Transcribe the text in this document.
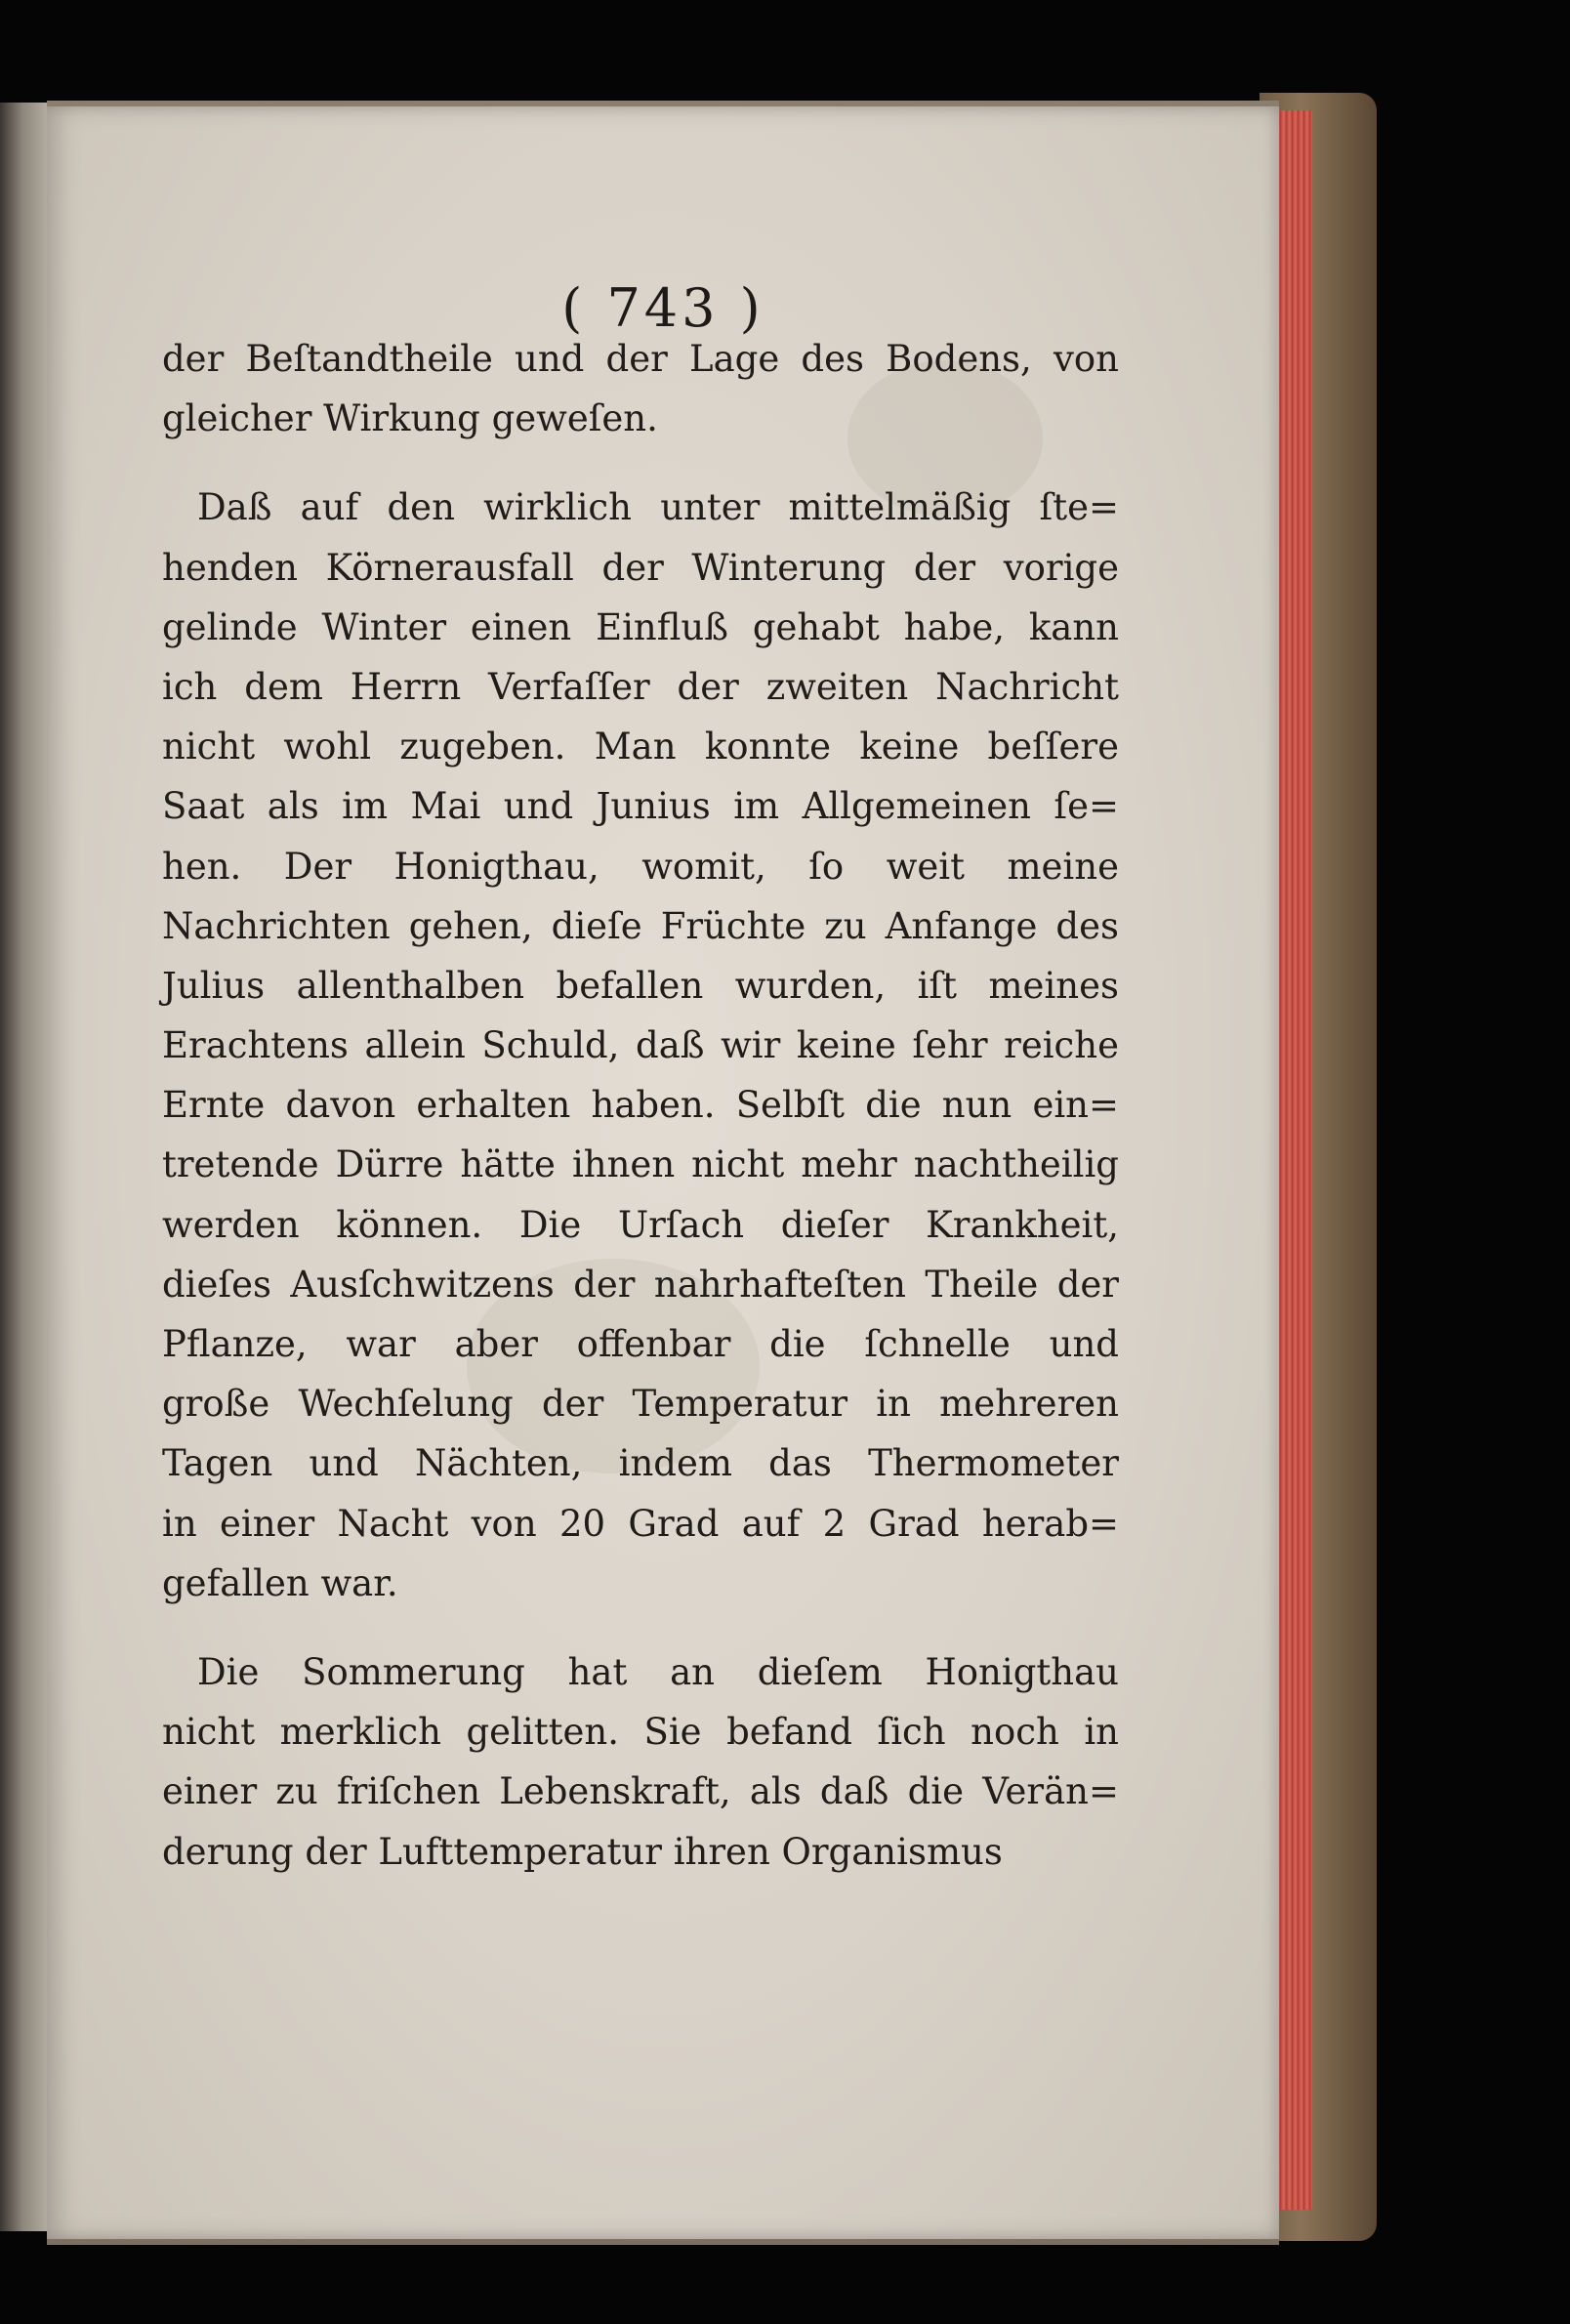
( 743 )
der Beſtandtheile und der Lage des Bodens, von
gleicher Wirkung geweſen.
Daß auf den wirklich unter mittelmäßig ſte=
henden Körnerausfall der Winterung der vorige
gelinde Winter einen Einfluß gehabt habe, kann
ich dem Herrn Verfaſſer der zweiten Nachricht
nicht wohl zugeben. Man konnte keine beſſere
Saat als im Mai und Junius im Allgemeinen ſe=
hen. Der Honigthau, womit, ſo weit meine
Nachrichten gehen, dieſe Früchte zu Anfange des
Julius allenthalben befallen wurden, iſt meines
Erachtens allein Schuld, daß wir keine ſehr reiche
Ernte davon erhalten haben. Selbſt die nun ein=
tretende Dürre hätte ihnen nicht mehr nachtheilig
werden können. Die Urſach dieſer Krankheit,
dieſes Ausſchwitzens der nahrhafteſten Theile der
Pflanze, war aber offenbar die ſchnelle und
große Wechſelung der Temperatur in mehreren
Tagen und Nächten, indem das Thermometer
in einer Nacht von 20 Grad auf 2 Grad herab=
gefallen war.
Die Sommerung hat an dieſem Honigthau
nicht merklich gelitten. Sie befand ſich noch in
einer zu friſchen Lebenskraft, als daß die Verän=
derung der Lufttemperatur ihren Organismus
